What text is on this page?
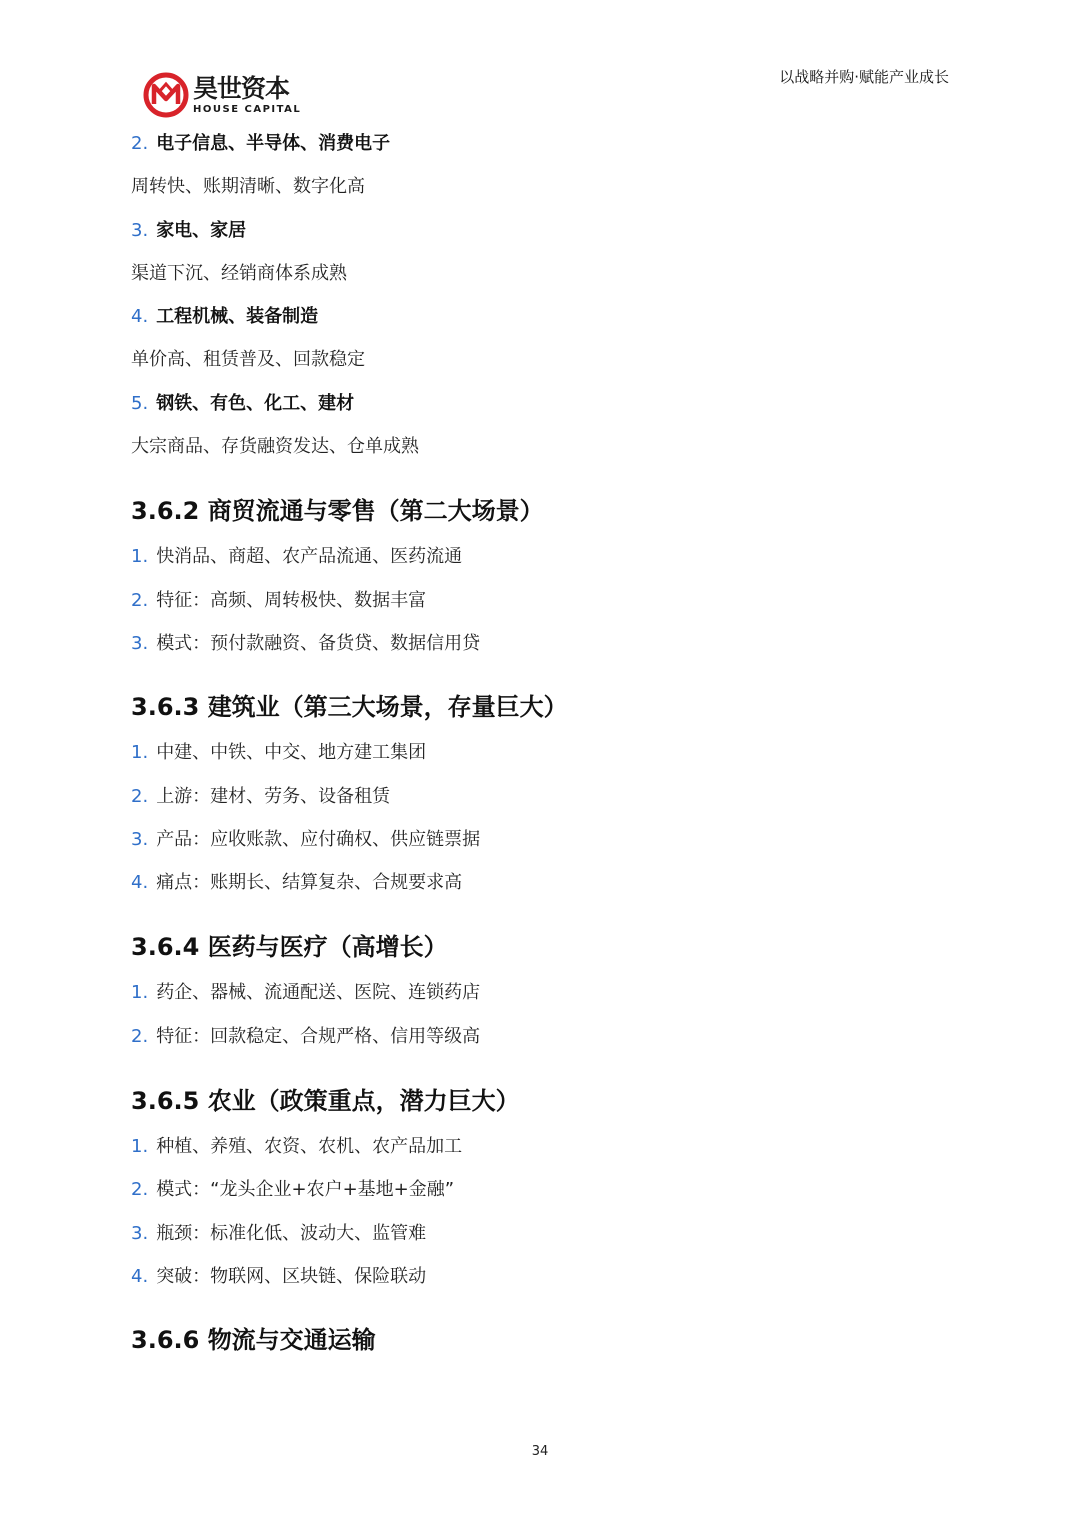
昊世资本
HOUSE CAPITAL
以战略并购·赋能产业成长
2. 电子信息、半导体、消费电子
周转快、账期清晰、数字化高
3. 家电、家居
渠道下沉、经销商体系成熟
4. 工程机械、装备制造
单价高、租赁普及、回款稳定
5. 钢铁、有色、化工、建材
大宗商品、存货融资发达、仓单成熟
3.6.2 商贸流通与零售（第二大场景）
1. 快消品、商超、农产品流通、医药流通
2. 特征：高频、周转极快、数据丰富
3. 模式：预付款融资、备货贷、数据信用贷
3.6.3 建筑业（第三大场景，存量巨大）
1. 中建、中铁、中交、地方建工集团
2. 上游：建材、劳务、设备租赁
3. 产品：应收账款、应付确权、供应链票据
4. 痛点：账期长、结算复杂、合规要求高
3.6.4 医药与医疗（高增长）
1. 药企、器械、流通配送、医院、连锁药店
2. 特征：回款稳定、合规严格、信用等级高
3.6.5 农业（政策重点，潜力巨大）
1. 种植、养殖、农资、农机、农产品加工
2. 模式：“龙头企业+农户+基地+金融”
3. 瓶颈：标准化低、波动大、监管难
4. 突破：物联网、区块链、保险联动
3.6.6 物流与交通运输
34
